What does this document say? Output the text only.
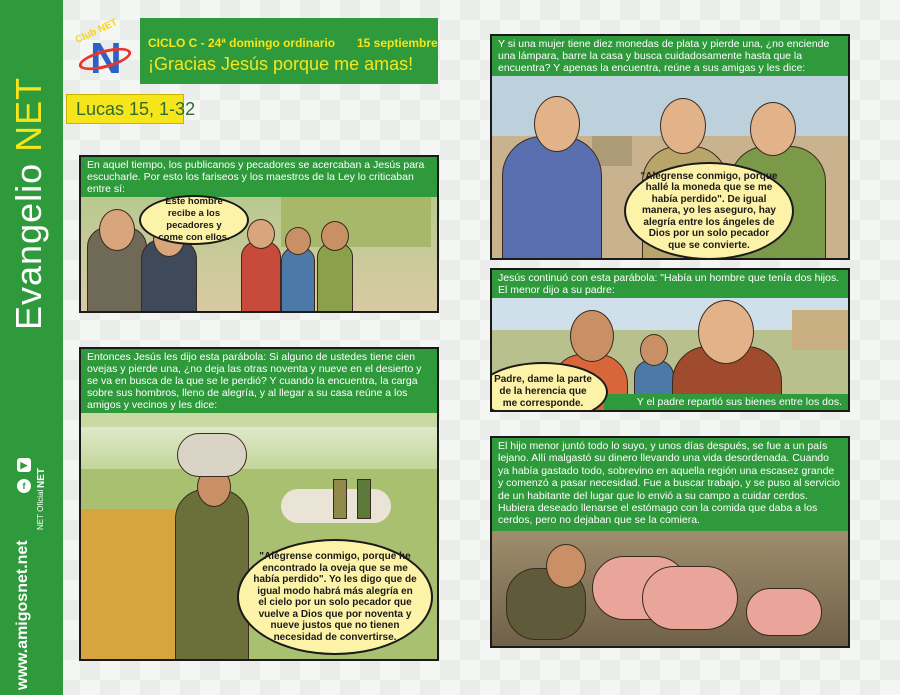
Evangelio NET
▶
f
NET Oficial
NET
www.amigosnet.net
Club NET
N CICLO C - 24ª domingo ordinario 15 septiembre
¡Gracias Jesús porque me amas!
Lucas 15, 1-32
En aquel tiempo, los publicanos y pecadores se acercaban a Jesús para escucharle. Por esto los fariseos y los maestros de la Ley lo criticaban entre sí:
Este hombre recibe a los pecadores y come con ellos.
Entonces Jesús les dijo esta parábola: Si alguno de ustedes tiene cien ovejas y pierde una, ¿no deja las otras noventa y nueve en el desierto y se va en busca de la que se le perdió? Y cuando la encuentra, la carga sobre sus hombros, lleno de alegría, y al llegar a su casa reúne a los amigos y vecinos y les dice:
"Alégrense conmigo, porque he encontrado la oveja que se me había perdido". Yo les digo que de igual modo habrá más alegría en el cielo por un solo pecador que vuelve a Dios que por noventa y nueve justos que no tienen necesidad de convertirse.
Y si una mujer tiene diez monedas de plata y pierde una, ¿no enciende una lámpara, barre la casa y busca cuidadosamente hasta que la encuentra? Y apenas la encuentra, reúne a sus amigas y les dice:
"Alégrense conmigo, porque hallé la moneda que se me había perdido". De igual manera, yo les aseguro, hay alegría entre los ángeles de Dios por un solo pecador que se convierte.
Jesús continuó con esta parábola: "Había un hombre que tenía dos hijos. El menor dijo a su padre:
Y el padre repartió sus bienes entre los dos.
Padre, dame la parte de la herencia que me corresponde.
El hijo menor juntó todo lo suyo, y unos días después, se fue a un país lejano. Allí malgastó su dinero llevando una vida desordenada. Cuando ya había gastado todo, sobrevino en aquella región una escasez grande y comenzó a pasar necesidad. Fue a buscar trabajo, y se puso al servicio de un habitante del lugar que lo envió a su campo a cuidar cerdos. Hubiera deseado llenarse el estómago con la comida que daba a los cerdos, pero no dejaban que se la comiera.
